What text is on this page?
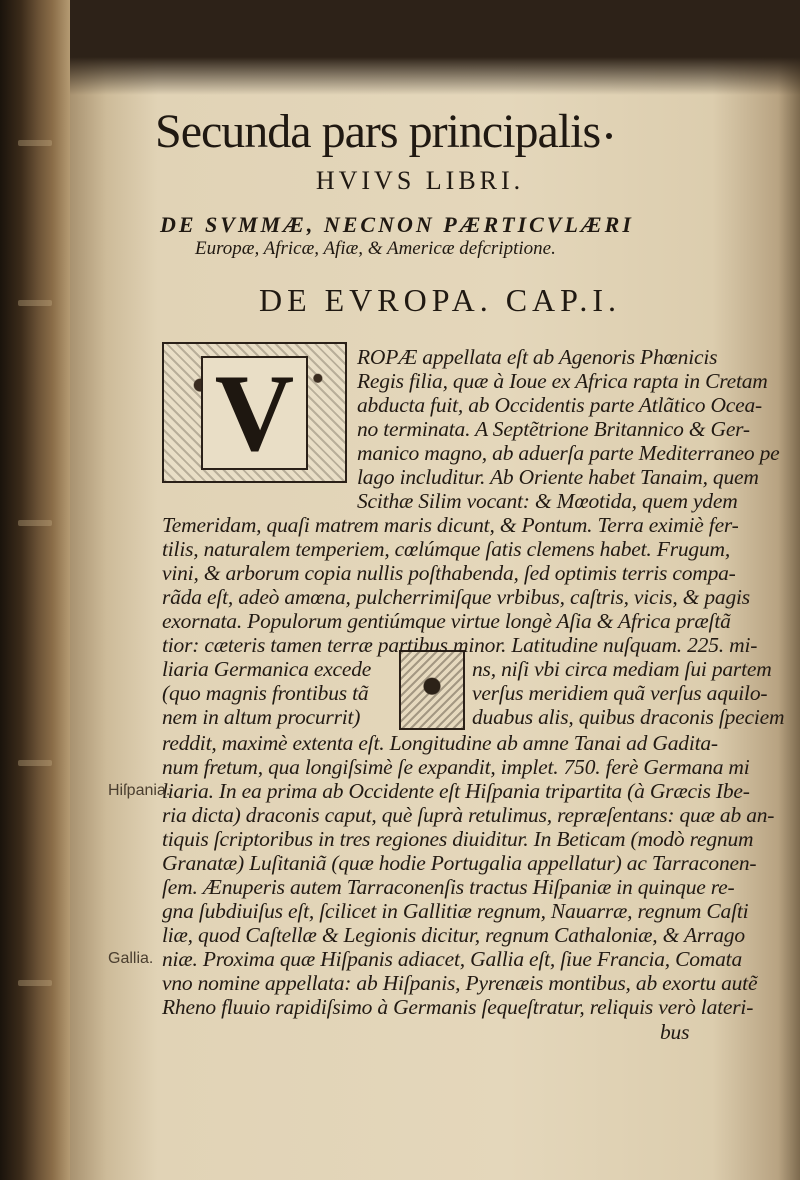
Secunda pars principalis
HVIVS LIBRI.
DE SVMMÆ, NECNON PÆRTICVLÆRI
Europæ, Africæ, Afiæ, & Americæ defcriptione.
DE EVROPA. CAP.I.
V	ROPÆ appellata eſt ab Agenoris Phœnicis
Regis filia, quæ à Ioue ex Africa rapta in Cretam
abducta fuit, ab Occidentis parte Atlãtico Ocea-
no terminata. A Septẽtrione Britannico & Ger-
manico magno, ab aduerſa parte Mediterraneo pe
lago includitur. Ab Oriente habet Tanaim, quem
Scithæ Silim vocant: & Mœotida, quem ydem
Temeridam, quaſi matrem maris dicunt, & Pontum. Terra eximiè fer-
tilis, naturalem temperiem, cœlúmque ſatis clemens habet. Frugum,
vini, & arborum copia nullis poſthabenda, ſed optimis terris compa-
rãda eſt, adeò amœna, pulcherrimiſque vrbibus, caſtris, vicis, & pagis
exornata. Populorum gentiúmque virtue longè Aſia & Africa præſtã
tior: cæteris tamen terræ partibus minor. Latitudine nuſquam. 225. mi-
liaria Germanica excede	ns, niſi vbi circa mediam ſui partem
(quo magnis frontibus tã	verſus meridiem quã verſus aquilo-
nem in altum procurrit)	duabus alis, quibus draconis ſpeciem
reddit, maximè extenta eſt. Longitudine ab amne Tanai ad Gadita-
num fretum, qua longiſsimè ſe expandit, implet. 750. ferè Germana mi
liaria. In ea prima ab Occidente eſt Hiſpania tripartita (à Græcis Ibe-
ria dicta) draconis caput, què ſuprà retulimus, repræſentans: quæ ab an-
tiquis ſcriptoribus in tres regiones diuiditur. In Beticam (modò regnum
Granatæ) Luſitaniã (quæ hodie Portugalia appellatur) ac Tarraconen-
ſem. Ænuperis autem Tarraconenſis tractus Hiſpaniæ in quinque re-
gna ſubdiuiſus eſt, ſcilicet in Gallitiæ regnum, Nauarræ, regnum Caſti
liæ, quod Caſtellæ & Legionis dicitur, regnum Cathaloniæ, & Arrago
niæ. Proxima quæ Hiſpanis adiacet, Gallia eſt, ſiue Francia, Comata
vno nomine appellata: ab Hiſpanis, Pyrenæis montibus, ab exortu autẽ
Rheno fluuio rapidiſsimo à Germanis ſequeſtratur, reliquis verò lateri-
bus
Hiſpania.
Gallia.
